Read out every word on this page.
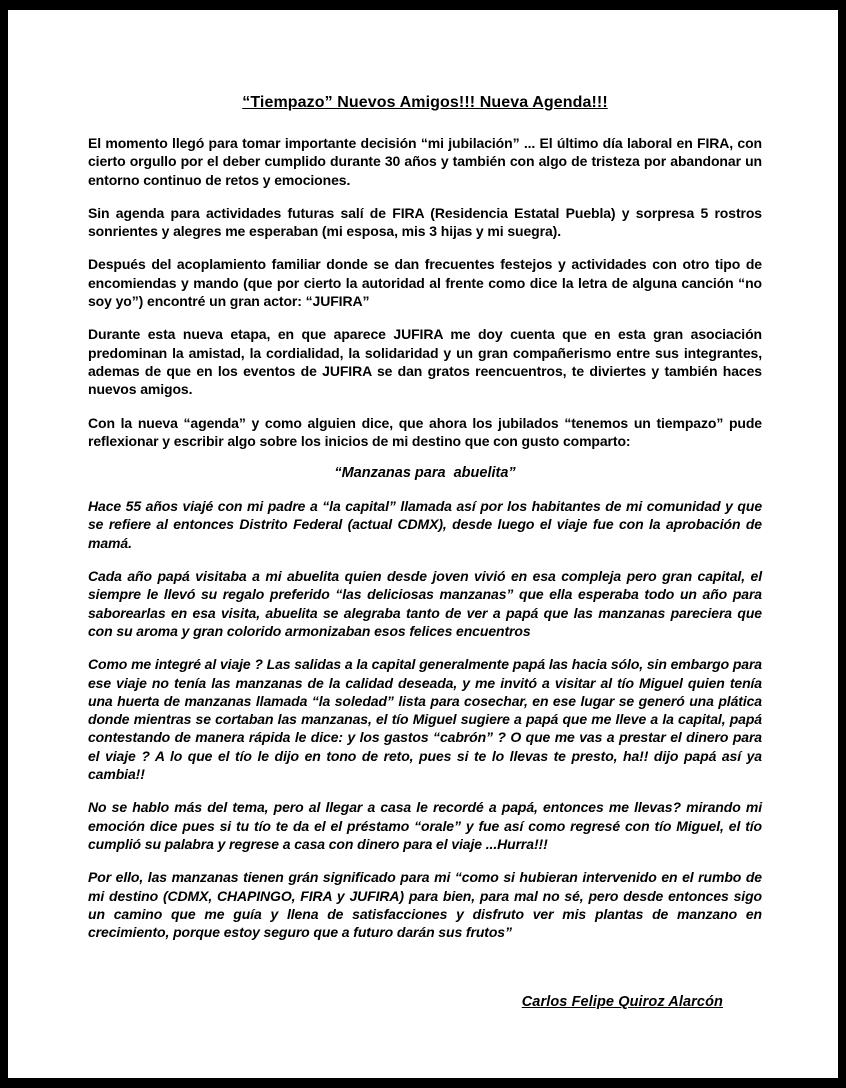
“Tiempazo” Nuevos Amigos!!! Nueva Agenda!!!

El momento llegó para tomar importante decisión “mi jubilación” ... El último día laboral en FIRA, con cierto orgullo por el deber cumplido durante 30 años y también con algo de tristeza por abandonar un entorno continuo de retos y emociones.

Sin agenda para actividades futuras salí de FIRA (Residencia Estatal Puebla) y sorpresa 5 rostros sonrientes y alegres me esperaban (mi esposa, mis 3 hijas y mi suegra).

Después del acoplamiento familiar donde se dan frecuentes festejos y actividades con otro tipo de encomiendas y mando (que por cierto la autoridad al frente como dice la letra de alguna canción “no soy yo”) encontré un gran actor: “JUFIRA”

Durante esta nueva etapa, en que aparece JUFIRA me doy cuenta que en esta gran asociación predominan la amistad, la cordialidad, la solidaridad y un gran compañerismo entre sus integrantes, ademas de que en los eventos de JUFIRA se dan gratos reencuentros, te diviertes y también haces nuevos amigos.

Con la nueva “agenda” y como alguien dice, que ahora los jubilados “tenemos un tiempazo” pude reflexionar y escribir algo sobre los inicios de mi destino que con gusto comparto:

“Manzanas para  abuelita”

Hace 55 años viajé con mi padre a “la capital” llamada así por los habitantes de mi comunidad y que se refiere al entonces Distrito Federal (actual CDMX), desde luego el viaje fue con la aprobación de mamá.

Cada año papá visitaba a mi abuelita quien desde joven vivió en esa compleja pero gran capital, el siempre le llevó su regalo preferido “las deliciosas manzanas” que ella esperaba todo un año para saborearlas en esa visita, abuelita se alegraba tanto de ver a papá que las manzanas pareciera que con su aroma y gran colorido armonizaban esos felices encuentros

Como me integré al viaje ? Las salidas a la capital generalmente papá las hacia sólo, sin embargo para ese viaje no tenía las manzanas de la calidad deseada, y me invitó a visitar al tío Miguel quien tenía una huerta de manzanas llamada “la soledad” lista para cosechar, en ese lugar se generó una plática donde mientras se cortaban las manzanas, el tío Miguel sugiere a papá que me lleve a la capital, papá contestando de manera rápida le dice: y los gastos “cabrón” ? O que me vas a prestar el dinero para el viaje ? A lo que el tío le dijo en tono de reto, pues si te lo llevas te presto, ha!! dijo papá así ya cambia!!

No se hablo más del tema, pero al llegar a casa le recordé a papá, entonces me llevas? mirando mi emoción dice pues si tu tío te da el el préstamo “orale” y fue así como regresé con tío Miguel, el tío cumplió su palabra y regrese a casa con dinero para el viaje ...Hurra!!!

Por ello, las manzanas tienen grán significado para mi “como si hubieran intervenido en el rumbo de mi destino (CDMX, CHAPINGO, FIRA y JUFIRA) para bien, para mal no sé, pero desde entonces sigo un camino que me guía y llena de satisfacciones y disfruto ver mis plantas de manzano en crecimiento, porque estoy seguro que a futuro darán sus frutos”

Carlos Felipe Quiroz Alarcón
